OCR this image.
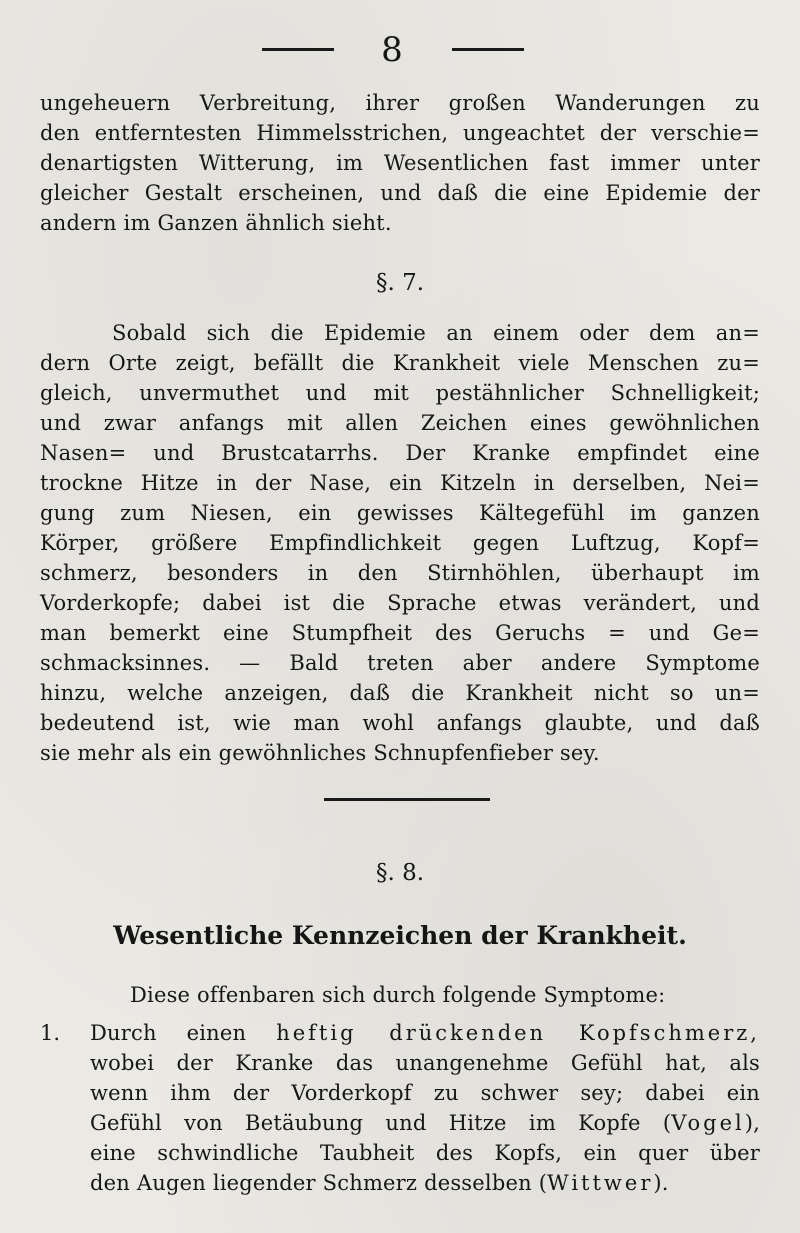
8
ungeheuern Verbreitung, ihrer großen Wanderungen zu
den entferntesten Himmelsstrichen, ungeachtet der verschie=
denartigsten Witterung, im Wesentlichen fast immer unter
gleicher Gestalt erscheinen, und daß die eine Epidemie der
andern im Ganzen ähnlich sieht.
§. 7.
Sobald sich die Epidemie an einem oder dem an=
dern Orte zeigt, befällt die Krankheit viele Menschen zu=
gleich, unvermuthet und mit pestähnlicher Schnelligkeit;
und zwar anfangs mit allen Zeichen eines gewöhnlichen
Nasen= und Brustcatarrhs. Der Kranke empfindet eine
trockne Hitze in der Nase, ein Kitzeln in derselben, Nei=
gung zum Niesen, ein gewisses Kältegefühl im ganzen
Körper, größere Empfindlichkeit gegen Luftzug, Kopf=
schmerz, besonders in den Stirnhöhlen, überhaupt im
Vorderkopfe; dabei ist die Sprache etwas verändert, und
man bemerkt eine Stumpfheit des Geruchs = und Ge=
schmacksinnes. — Bald treten aber andere Symptome
hinzu, welche anzeigen, daß die Krankheit nicht so un=
bedeutend ist, wie man wohl anfangs glaubte, und daß
sie mehr als ein gewöhnliches Schnupfenfieber sey.
§. 8.
Wesentliche Kennzeichen der Krankheit.
Diese offenbaren sich durch folgende Symptome:
1. Durch einen heftig drückenden Kopfschmerz,
wobei der Kranke das unangenehme Gefühl hat, als
wenn ihm der Vorderkopf zu schwer sey; dabei ein
Gefühl von Betäubung und Hitze im Kopfe (Vogel),
eine schwindliche Taubheit des Kopfs, ein quer über
den Augen liegender Schmerz desselben (Wittwer).
